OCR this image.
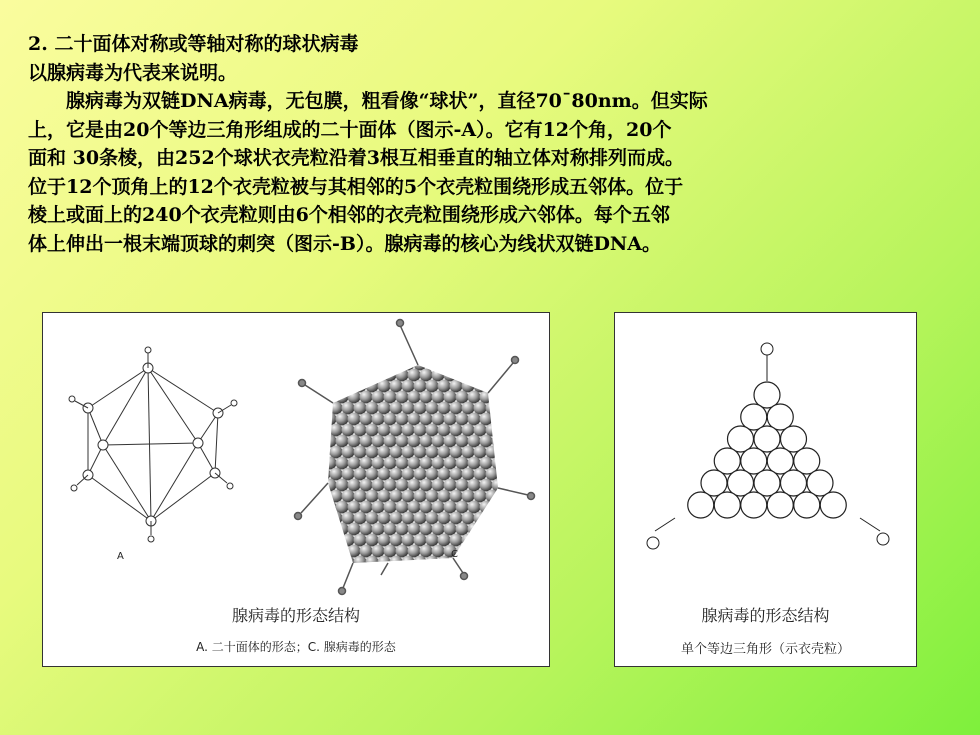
2. 二十面体对称或等轴对称的球状病毒
以腺病毒为代表来说明。
腺病毒为双链DNA病毒，无包膜，粗看像“球状”，直径70¯80nm。但实际
上，它是由20个等边三角形组成的二十面体（图示-A）。它有12个角，20个
面和 30条棱，由252个球状衣壳粒沿着3根互相垂直的轴立体对称排列而成。
位于12个顶角上的12个衣壳粒被与其相邻的5个衣壳粒围绕形成五邻体。位于
棱上或面上的240个衣壳粒则由6个相邻的衣壳粒围绕形成六邻体。每个五邻
体上伸出一根末端顶球的刺突（图示-B）。腺病毒的核心为线状双链DNA。
A	C
腺病毒的形态结构
A. 二十面体的形态；C. 腺病毒的形态
腺病毒的形态结构
单个等边三角形（示衣壳粒）
